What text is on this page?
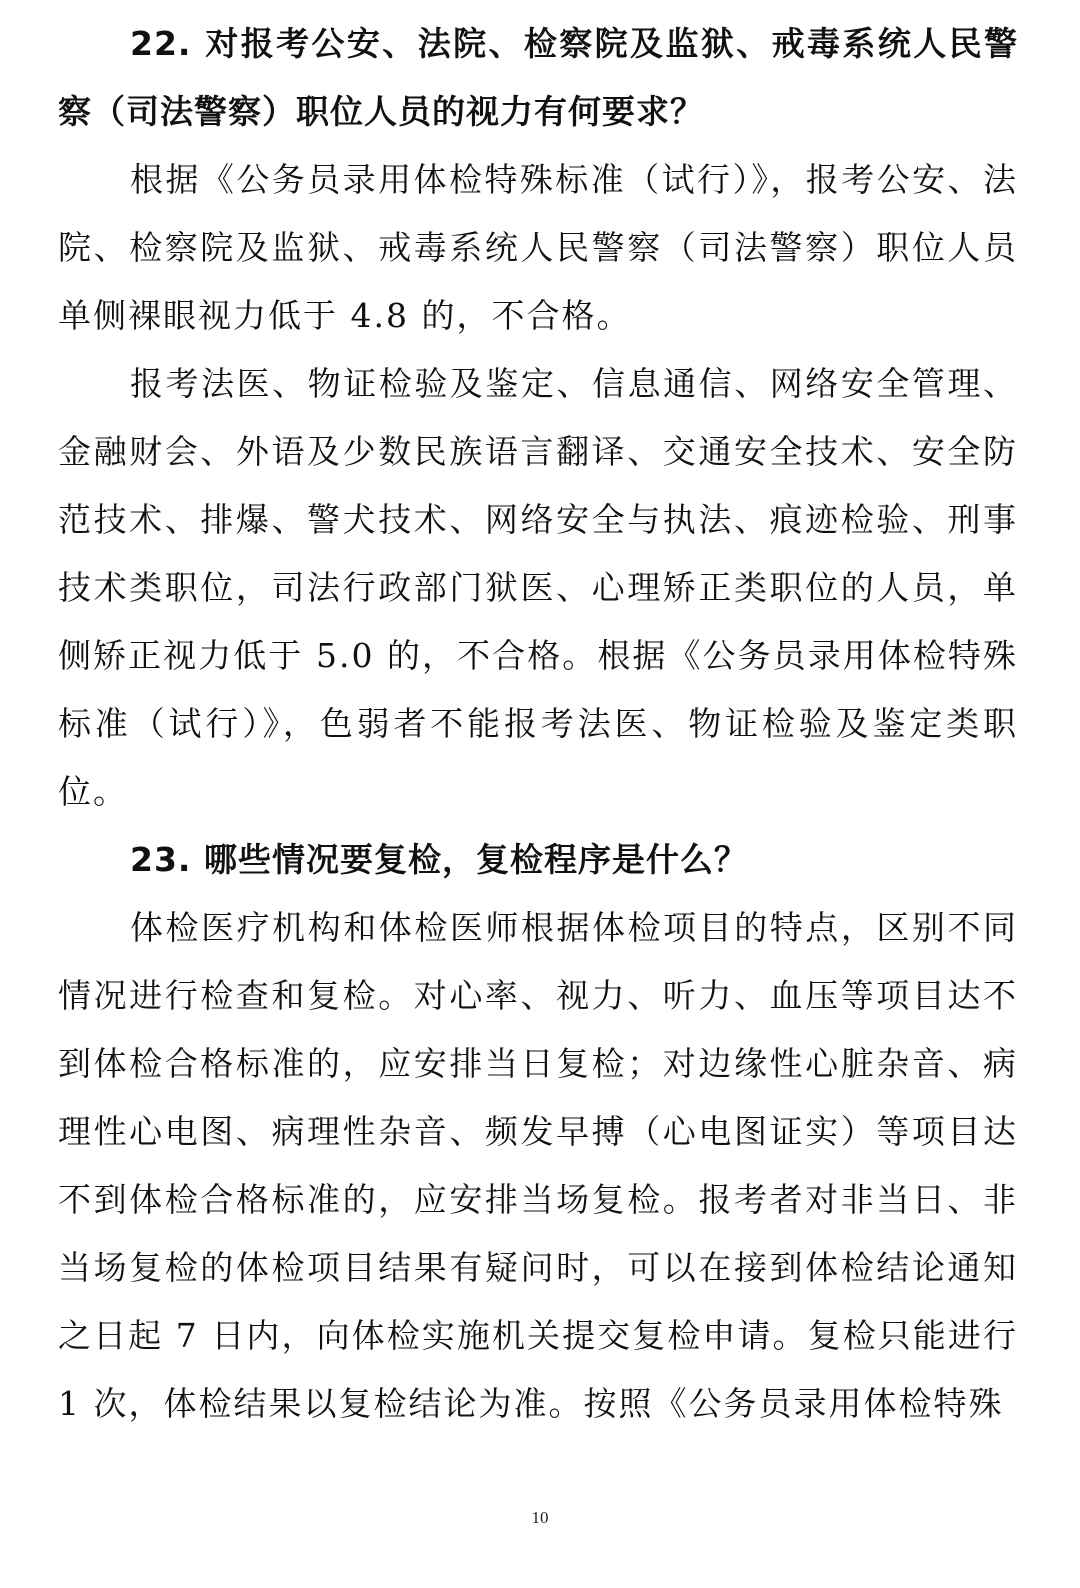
22. 对报考公安、法院、检察院及监狱、戒毒系统人民警察（司法警察）职位人员的视力有何要求？

根据《公务员录用体检特殊标准（试行）》，报考公安、法院、检察院及监狱、戒毒系统人民警察（司法警察）职位人员单侧裸眼视力低于 4.8 的，不合格。

报考法医、物证检验及鉴定、信息通信、网络安全管理、金融财会、外语及少数民族语言翻译、交通安全技术、安全防范技术、排爆、警犬技术、网络安全与执法、痕迹检验、刑事技术类职位，司法行政部门狱医、心理矫正类职位的人员，单侧矫正视力低于 5.0 的，不合格。根据《公务员录用体检特殊标准（试行）》，色弱者不能报考法医、物证检验及鉴定类职位。

23. 哪些情况要复检，复检程序是什么？

体检医疗机构和体检医师根据体检项目的特点，区别不同情况进行检查和复检。对心率、视力、听力、血压等项目达不到体检合格标准的，应安排当日复检；对边缘性心脏杂音、病理性心电图、病理性杂音、频发早搏（心电图证实）等项目达不到体检合格标准的，应安排当场复检。报考者对非当日、非当场复检的体检项目结果有疑问时，可以在接到体检结论通知之日起 7 日内，向体检实施机关提交复检申请。复检只能进行 1 次，体检结果以复检结论为准。按照《公务员录用体检特殊

10
